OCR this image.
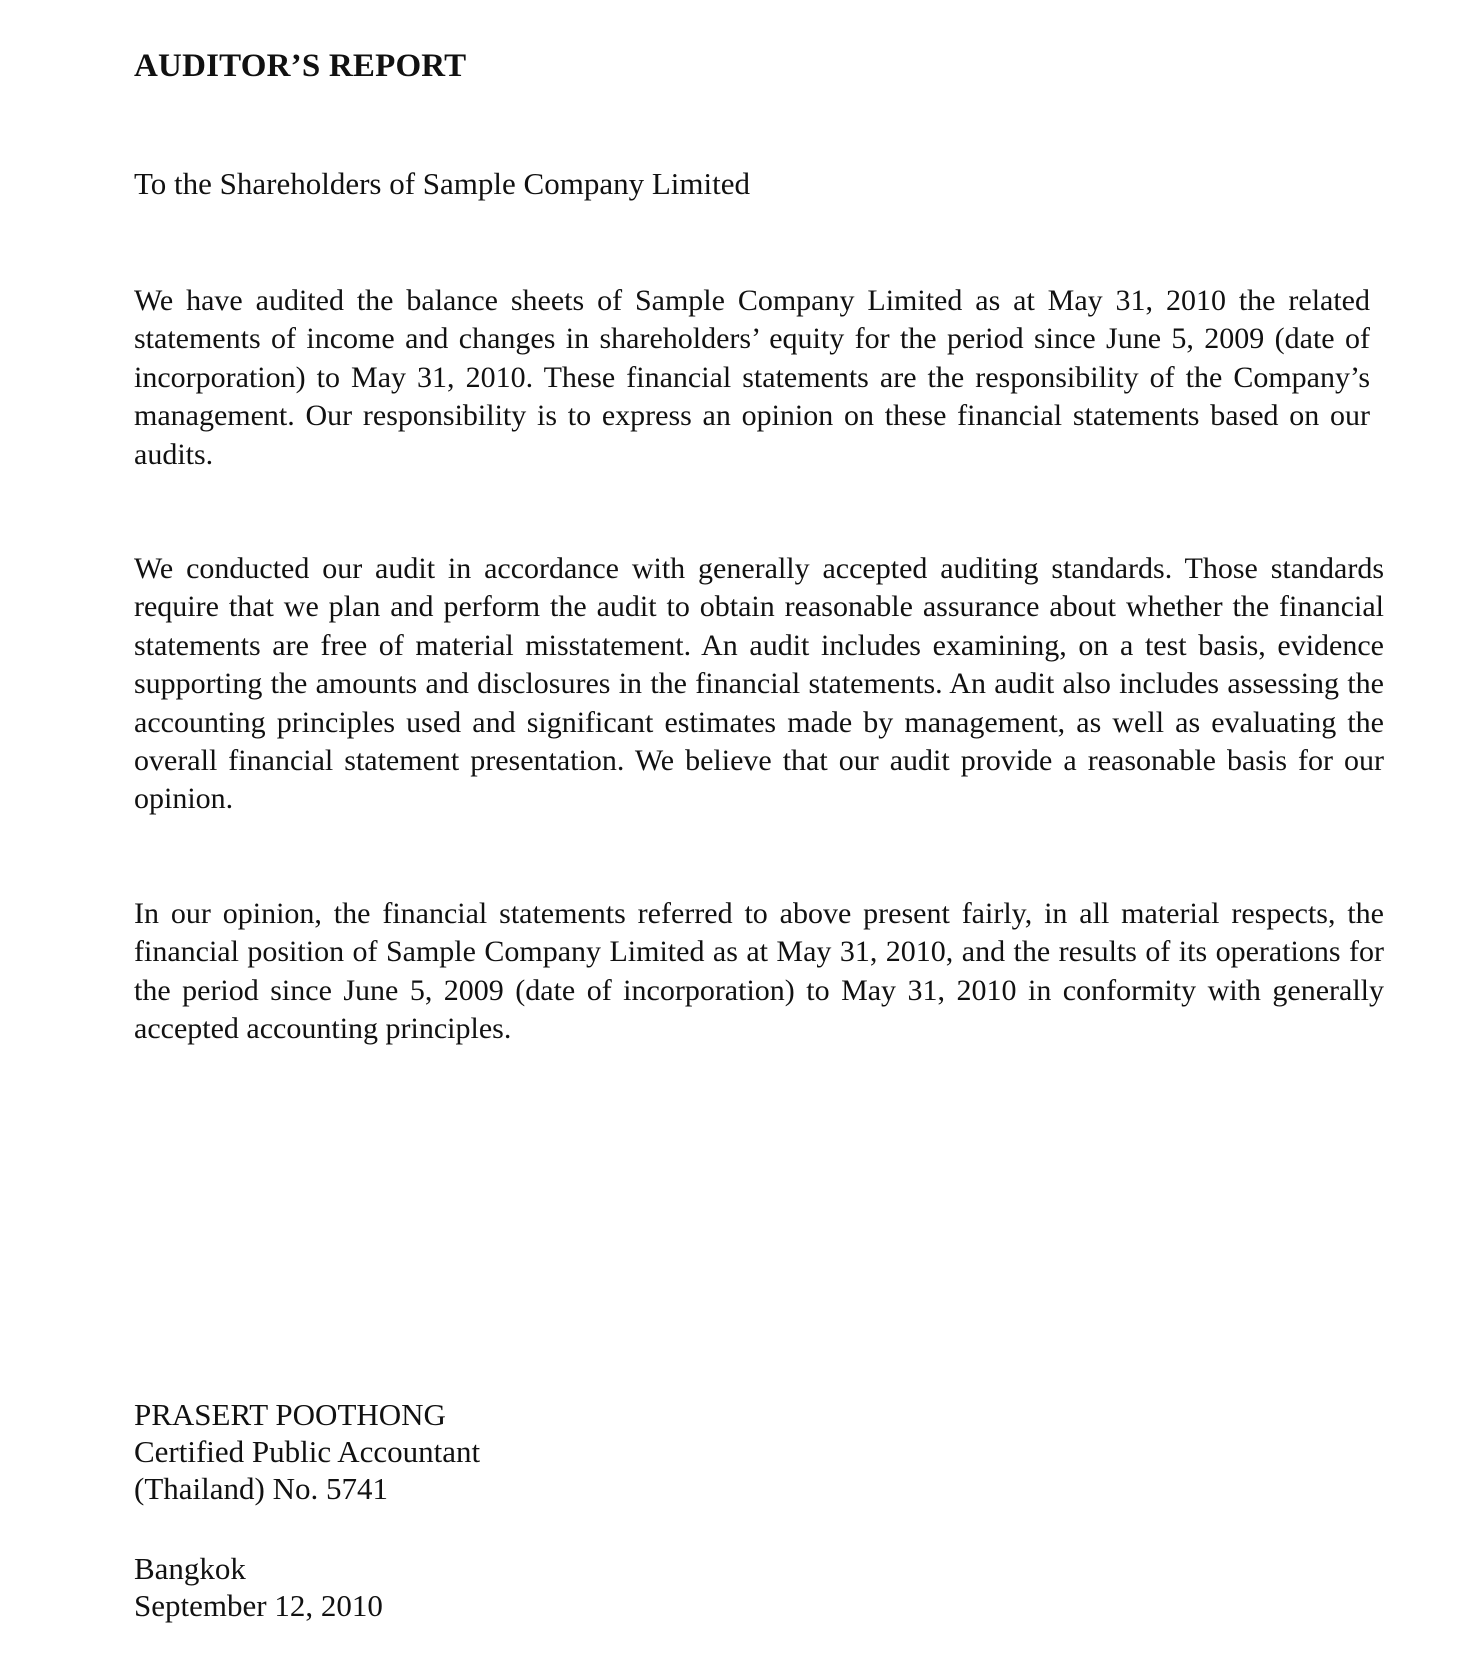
AUDITOR’S REPORT

To the Shareholders of Sample Company Limited

We have audited the balance sheets of Sample Company Limited as at May 31, 2010 the related statements of income and changes in shareholders’ equity for the period since June 5, 2009 (date of incorporation) to May 31, 2010. These financial statements are the responsibility of the Company’s management. Our responsibility is to express an opinion on these financial statements based on our audits.

We conducted our audit in accordance with generally accepted auditing standards. Those standards require that we plan and perform the audit to obtain reasonable assurance about whether the financial statements are free of material misstatement. An audit includes examining, on a test basis, evidence supporting the amounts and disclosures in the financial statements. An audit also includes assessing the accounting principles used and significant estimates made by management, as well as evaluating the overall financial statement presentation. We believe that our audit provide a reasonable basis for our opinion.

In our opinion, the financial statements referred to above present fairly, in all material respects, the financial position of Sample Company Limited as at May 31, 2010, and the results of its operations for the period since June 5, 2009 (date of incorporation) to May 31, 2010 in conformity with generally accepted accounting principles.

PRASERT POOTHONG
Certified Public Accountant
(Thailand) No. 5741
Bangkok
September 12, 2010
